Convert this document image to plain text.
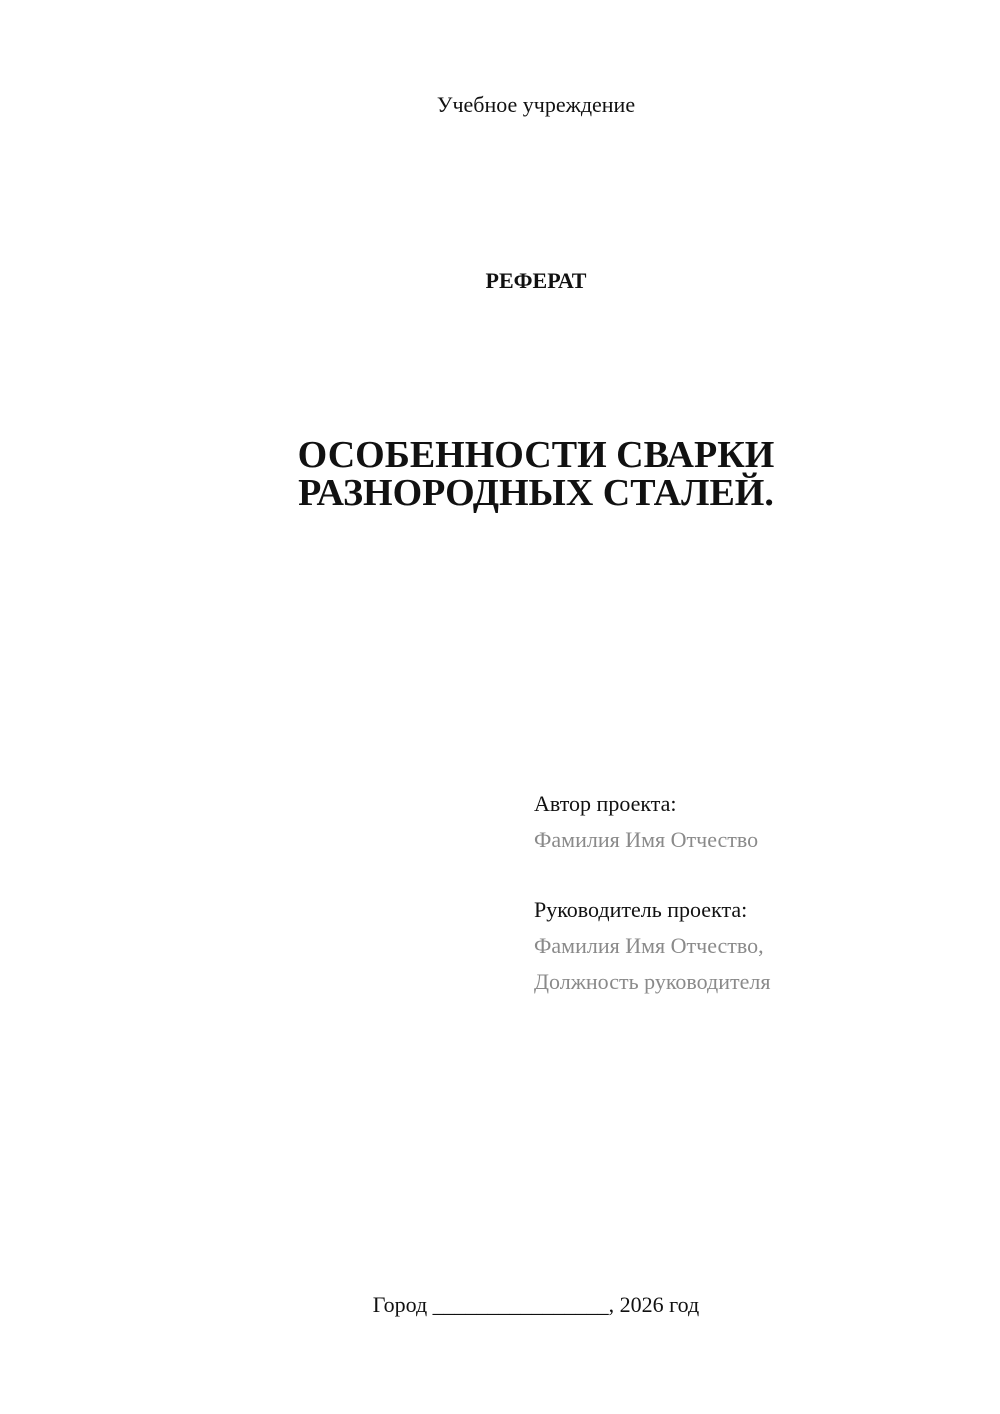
Учебное учреждение
РЕФЕРАТ
ОСОБЕННОСТИ СВАРКИ
РАЗНОРОДНЫХ СТАЛЕЙ.
Автор проекта:
Фамилия Имя Отчество
Руководитель проекта:
Фамилия Имя Отчество,
Должность руководителя
Город ________________, 2026 год
